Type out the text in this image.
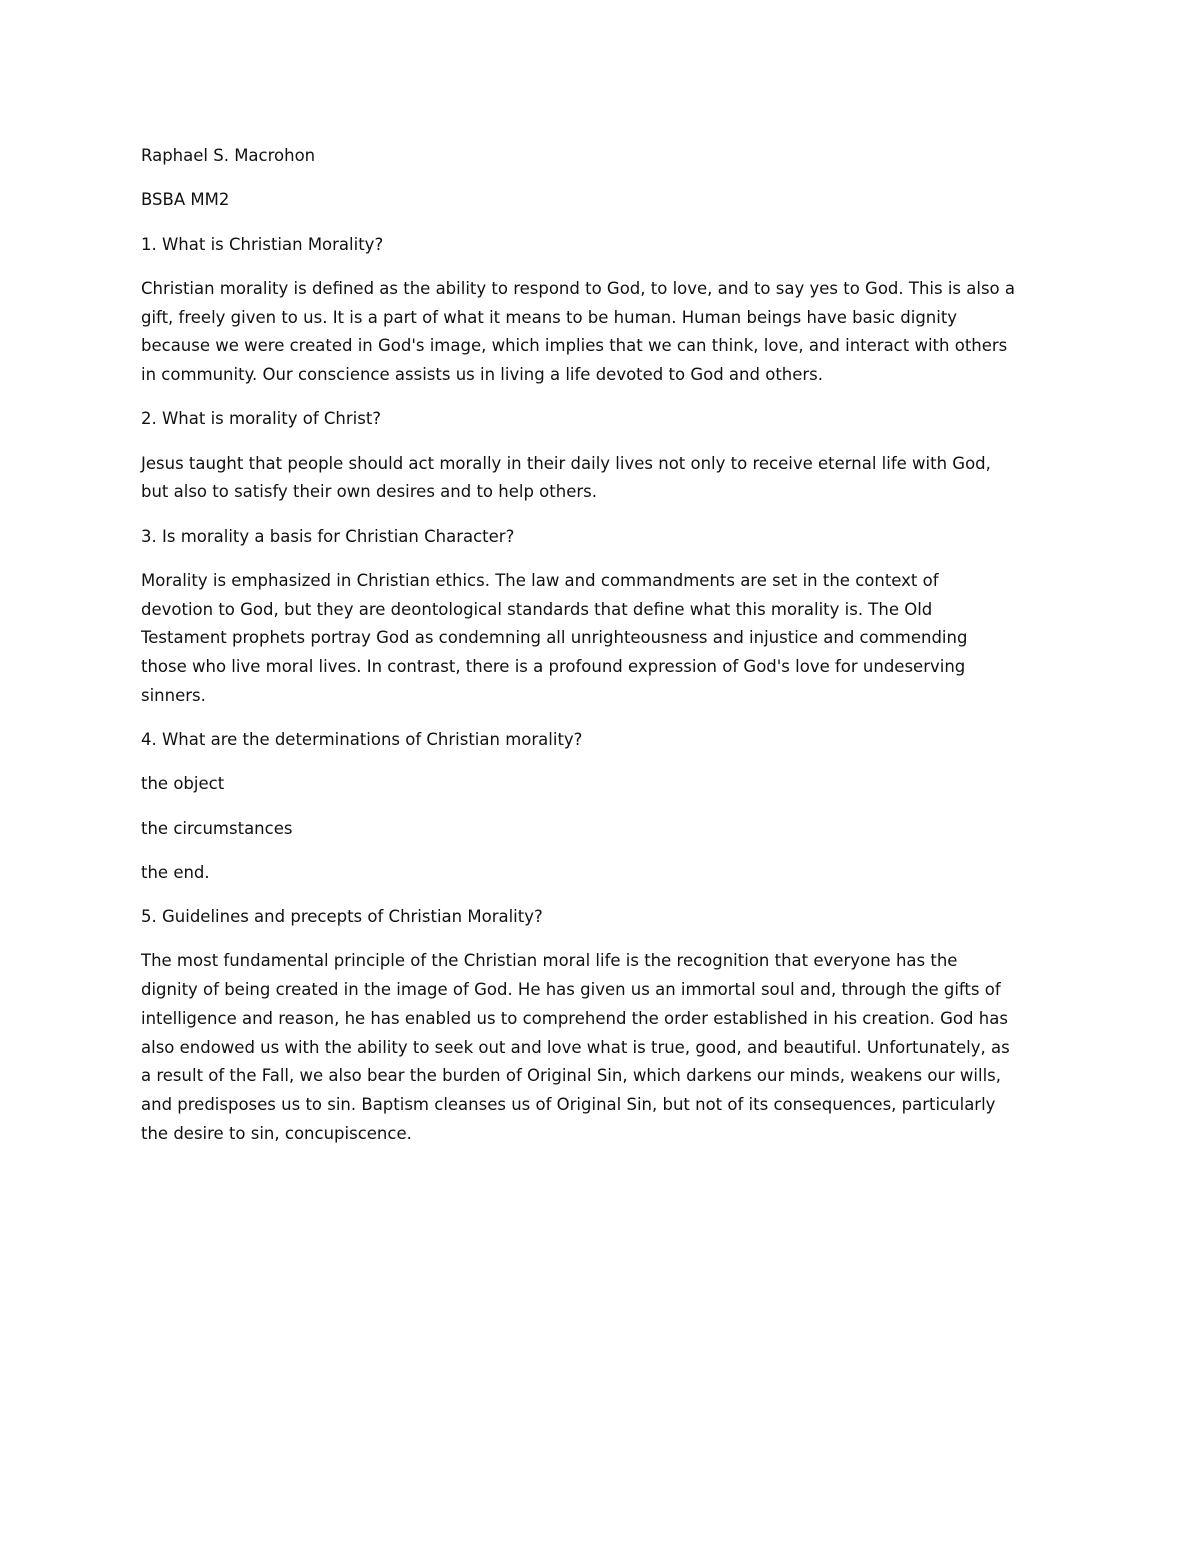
Raphael S. Macrohon

BSBA MM2

1. What is Christian Morality?

Christian morality is defined as the ability to respond to God, to love, and to say yes to God. This is also a

gift, freely given to us. It is a part of what it means to be human. Human beings have basic dignity

because we were created in God's image, which implies that we can think, love, and interact with others

in community. Our conscience assists us in living a life devoted to God and others.

2. What is morality of Christ?

Jesus taught that people should act morally in their daily lives not only to receive eternal life with God,

but also to satisfy their own desires and to help others.

3. Is morality a basis for Christian Character?

Morality is emphasized in Christian ethics. The law and commandments are set in the context of

devotion to God, but they are deontological standards that define what this morality is. The Old

Testament prophets portray God as condemning all unrighteousness and injustice and commending

those who live moral lives. In contrast, there is a profound expression of God's love for undeserving

sinners.

4. What are the determinations of Christian morality?

the object

the circumstances

the end.

5. Guidelines and precepts of Christian Morality?

The most fundamental principle of the Christian moral life is the recognition that everyone has the

dignity of being created in the image of God. He has given us an immortal soul and, through the gifts of

intelligence and reason, he has enabled us to comprehend the order established in his creation. God has

also endowed us with the ability to seek out and love what is true, good, and beautiful. Unfortunately, as

a result of the Fall, we also bear the burden of Original Sin, which darkens our minds, weakens our wills,

and predisposes us to sin. Baptism cleanses us of Original Sin, but not of its consequences, particularly

the desire to sin, concupiscence.
